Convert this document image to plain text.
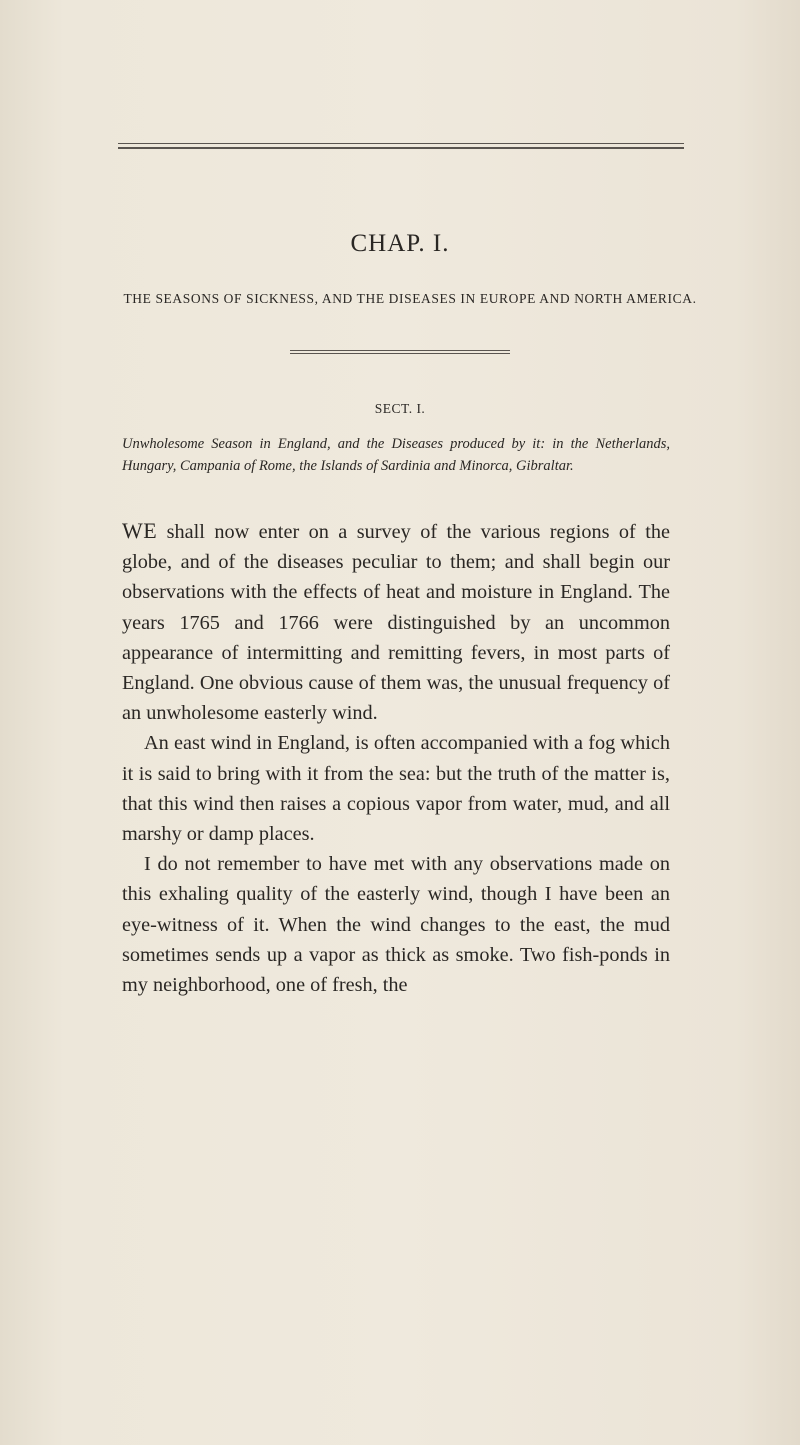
CHAP. I.
THE SEASONS OF SICKNESS, AND THE DISEASES IN EUROPE AND NORTH AMERICA.
SECT. I.
Unwholesome Season in England, and the Diseases produced by it: in the Netherlands, Hungary, Campania of Rome, the Islands of Sardinia and Minorca, Gibraltar.

WE shall now enter on a survey of the various regions of the globe, and of the diseases peculiar to them; and shall begin our observations with the effects of heat and moisture in England. The years 1765 and 1766 were distinguished by an uncommon appearance of intermitting and remitting fevers, in most parts of England. One obvious cause of them was, the unusual frequency of an unwholesome easterly wind.

An east wind in England, is often accompanied with a fog which it is said to bring with it from the sea: but the truth of the matter is, that this wind then raises a copious vapor from water, mud, and all marshy or damp places.

I do not remember to have met with any observations made on this exhaling quality of the easterly wind, though I have been an eye-witness of it. When the wind changes to the east, the mud sometimes sends up a vapor as thick as smoke. Two fish-ponds in my neighborhood, one of fresh, the
